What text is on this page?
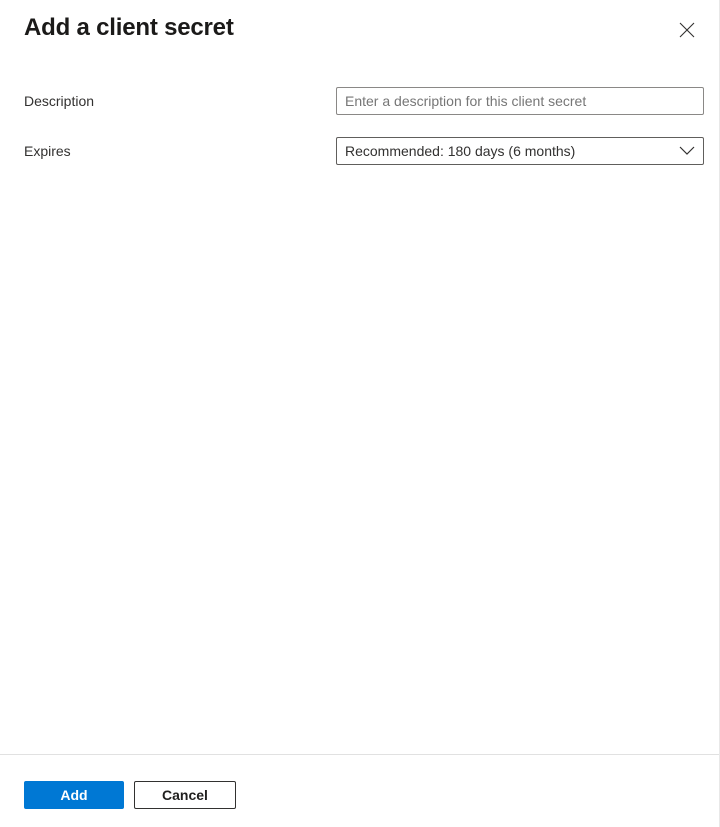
Add a client secret
Description
Enter a description for this client secret
Expires	Recommended: 180 days (6 months)
Add	Cancel
